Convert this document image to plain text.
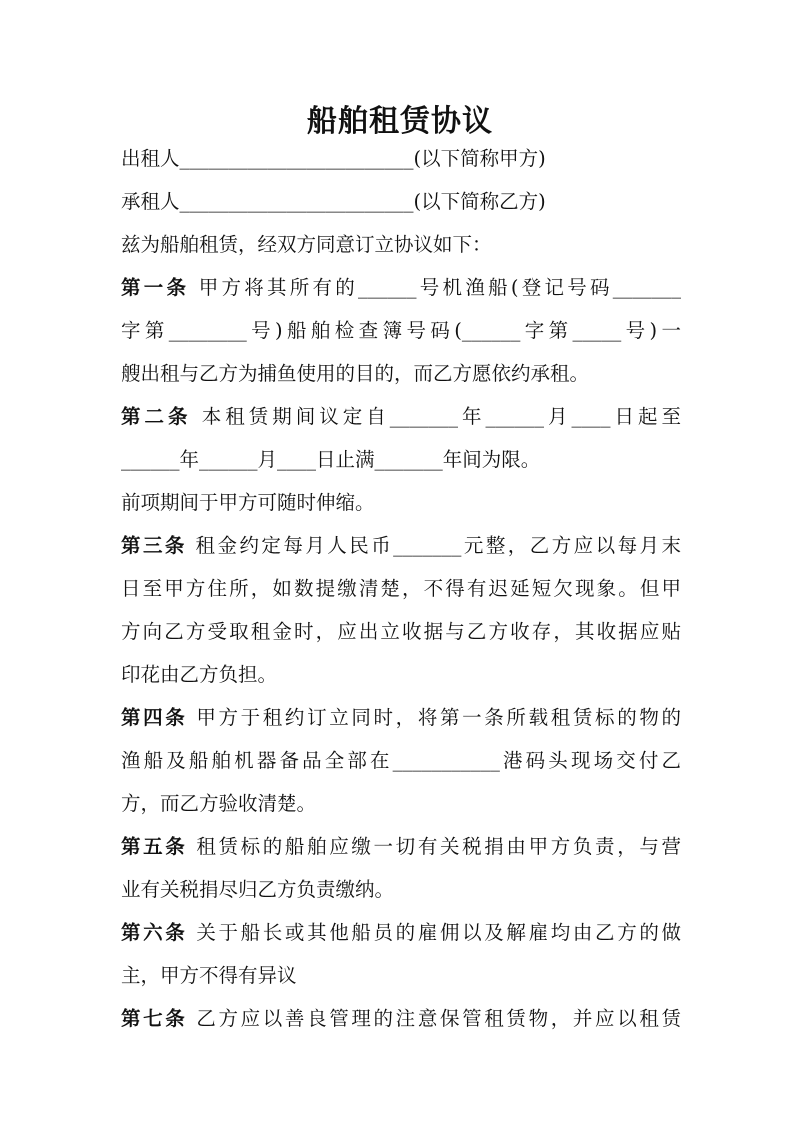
船舶租赁协议
出租人________________________(以下简称甲方)
承租人________________________(以下简称乙方)
兹为船舶租赁，经双方同意订立协议如下：
第一条 甲方将其所有的______号机渔船(登记号码_______
字第________号)船舶检查簿号码(______字第_____号)一
艘出租与乙方为捕鱼使用的目的，而乙方愿依约承租。
第二条 本租赁期间议定自_______年______月____日起至
______年______月____日止满_______年间为限。
前项期间于甲方可随时伸缩。
第三条 租金约定每月人民币_______元整，乙方应以每月末
日至甲方住所，如数提缴清楚，不得有迟延短欠现象。但甲
方向乙方受取租金时，应出立收据与乙方收存，其收据应贴
印花由乙方负担。
第四条 甲方于租约订立同时，将第一条所载租赁标的物的
渔船及船舶机器备品全部在___________港码头现场交付乙
方，而乙方验收清楚。
第五条 租赁标的船舶应缴一切有关税捐由甲方负责，与营
业有关税捐尽归乙方负责缴纳。
第六条 关于船长或其他船员的雇佣以及解雇均由乙方的做
主，甲方不得有异议
第七条 乙方应以善良管理的注意保管租赁物，并应以租赁
